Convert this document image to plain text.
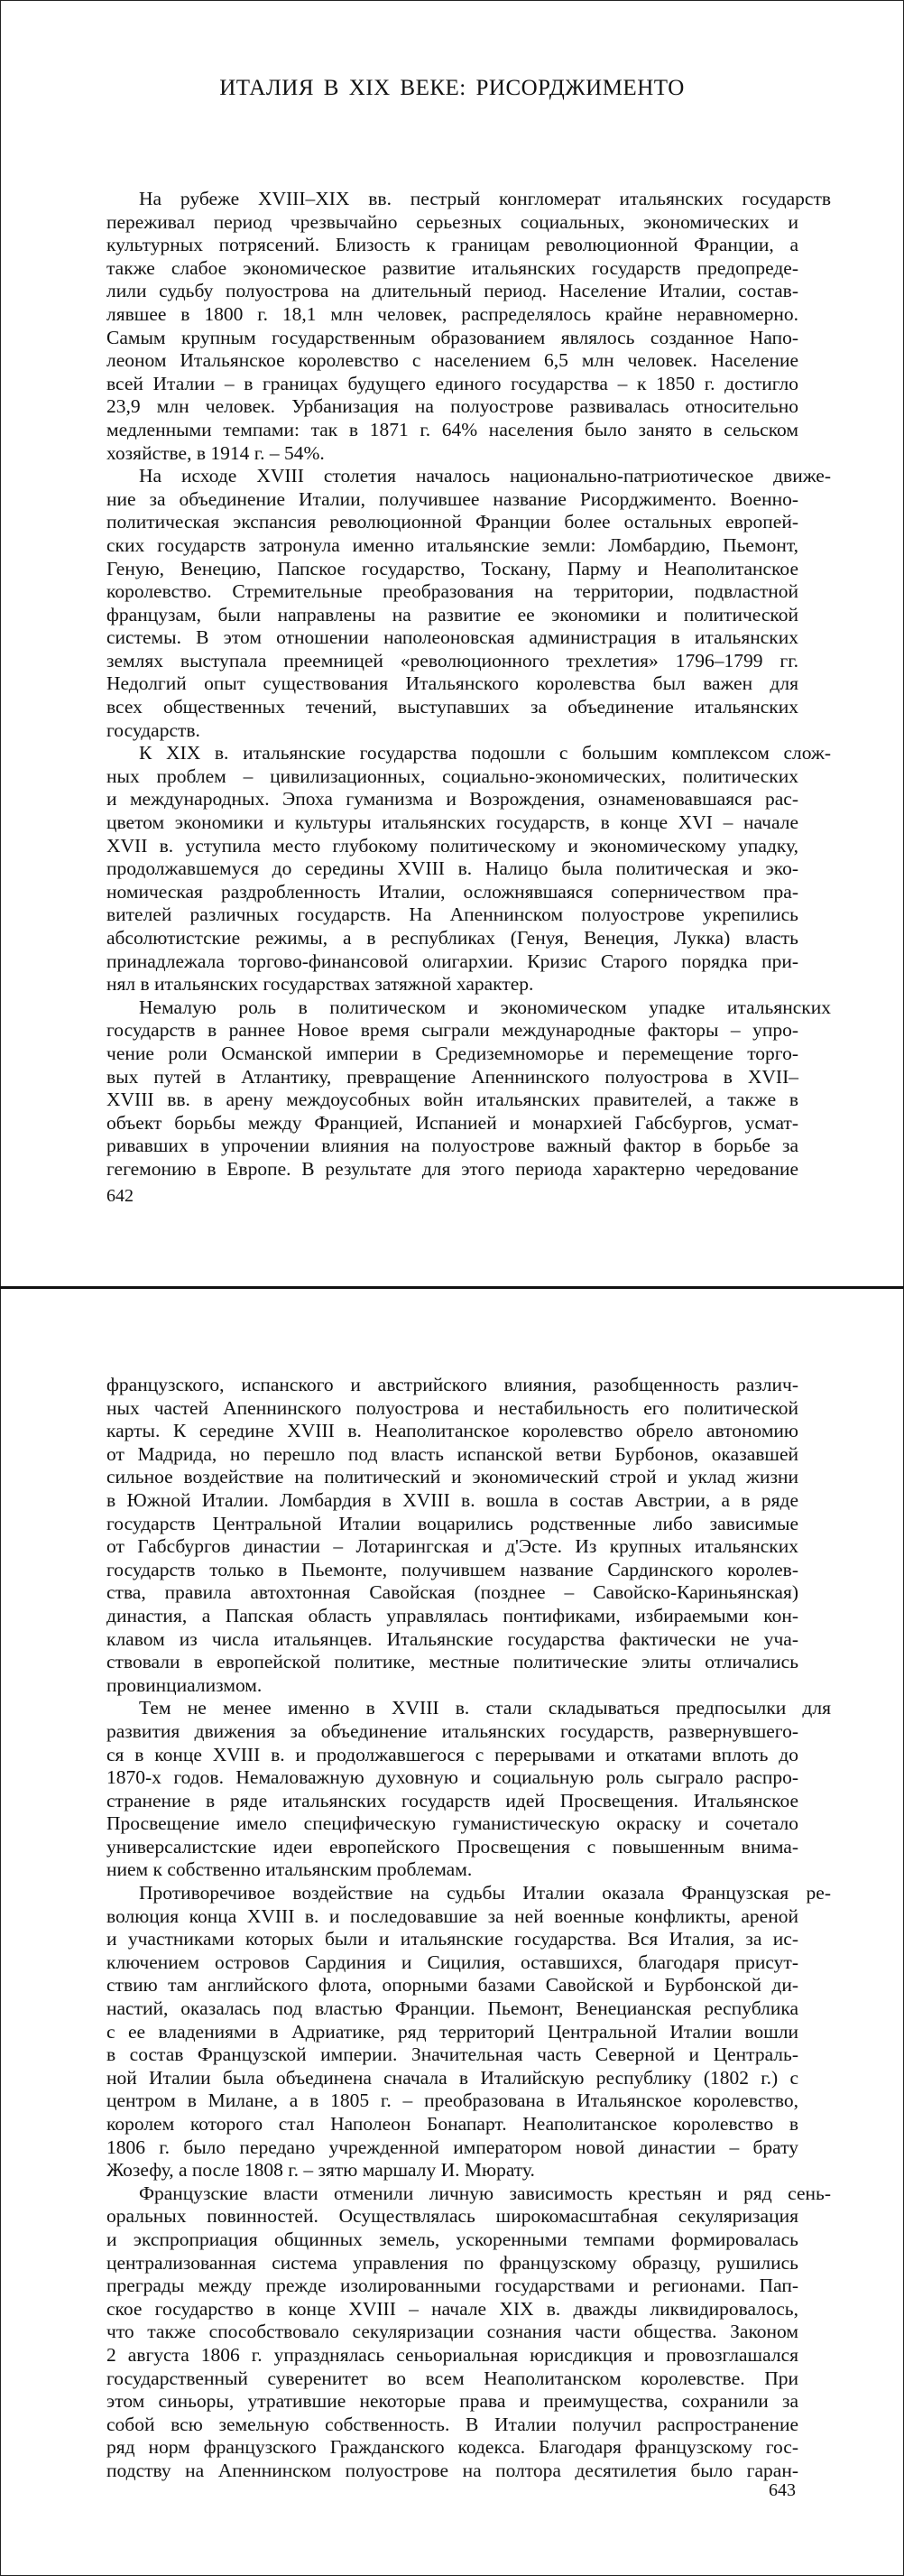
ИТАЛИЯ В XIX ВЕКЕ: РИСОРДЖИМЕНТО
На рубеже XVIII–XIX вв. пестрый конгломерат итальянских государств
переживал период чрезвычайно серьезных социальных, экономических и
культурных потрясений. Близость к границам революционной Франции, а
также слабое экономическое развитие итальянских государств предопреде-
лили судьбу полуострова на длительный период. Население Италии, состав-
лявшее в 1800 г. 18,1 млн человек, распределялось крайне неравномерно.
Самым крупным государственным образованием являлось созданное Напо-
леоном Итальянское королевство с населением 6,5 млн человек. Население
всей Италии – в границах будущего единого государства – к 1850 г. достигло
23,9 млн человек. Урбанизация на полуострове развивалась относительно
медленными темпами: так в 1871 г. 64% населения было занято в сельском
хозяйстве, в 1914 г. – 54%.
На исходе XVIII столетия началось национально-патриотическое движе-
ние за объединение Италии, получившее название Рисорджименто. Военно-
политическая экспансия революционной Франции более остальных европей-
ских государств затронула именно итальянские земли: Ломбардию, Пьемонт,
Геную, Венецию, Папское государство, Тоскану, Парму и Неаполитанское
королевство. Стремительные преобразования на территории, подвластной
французам, были направлены на развитие ее экономики и политической
системы. В этом отношении наполеоновская администрация в итальянских
землях выступала преемницей «революционного трехлетия» 1796–1799 гг.
Недолгий опыт существования Итальянского королевства был важен для
всех общественных течений, выступавших за объединение итальянских
государств.
К XIX в. итальянские государства подошли с большим комплексом слож-
ных проблем – цивилизационных, социально-экономических, политических
и международных. Эпоха гуманизма и Возрождения, ознаменовавшаяся рас-
цветом экономики и культуры итальянских государств, в конце XVI – начале
XVII в. уступила место глубокому политическому и экономическому упадку,
продолжавшемуся до середины XVIII в. Налицо была политическая и эко-
номическая раздробленность Италии, осложнявшаяся соперничеством пра-
вителей различных государств. На Апеннинском полуострове укрепились
абсолютистские режимы, а в республиках (Генуя, Венеция, Лукка) власть
принадлежала торгово-финансовой олигархии. Кризис Старого порядка при-
нял в итальянских государствах затяжной характер.
Немалую роль в политическом и экономическом упадке итальянских
государств в раннее Новое время сыграли международные факторы – упро-
чение роли Османской империи в Средиземноморье и перемещение торго-
вых путей в Атлантику, превращение Апеннинского полуострова в XVII–
XVIII вв. в арену междоусобных войн итальянских правителей, а также в
объект борьбы между Францией, Испанией и монархией Габсбургов, усмат-
ривавших в упрочении влияния на полуострове важный фактор в борьбе за
гегемонию в Европе. В результате для этого периода характерно чередование
642
французского, испанского и австрийского влияния, разобщенность различ-
ных частей Апеннинского полуострова и нестабильность его политической
карты. К середине XVIII в. Неаполитанское королевство обрело автономию
от Мадрида, но перешло под власть испанской ветви Бурбонов, оказавшей
сильное воздействие на политический и экономический строй и уклад жизни
в Южной Италии. Ломбардия в XVIII в. вошла в состав Австрии, а в ряде
государств Центральной Италии воцарились родственные либо зависимые
от Габсбургов династии – Лотарингская и д'Эсте. Из крупных итальянских
государств только в Пьемонте, получившем название Сардинского королев-
ства, правила автохтонная Савойская (позднее – Савойско-Кариньянская)
династия, а Папская область управлялась понтификами, избираемыми кон-
клавом из числа итальянцев. Итальянские государства фактически не уча-
ствовали в европейской политике, местные политические элиты отличались
провинциализмом.
Тем не менее именно в XVIII в. стали складываться предпосылки для
развития движения за объединение итальянских государств, развернувшего-
ся в конце XVIII в. и продолжавшегося с перерывами и откатами вплоть до
1870-х годов. Немаловажную духовную и социальную роль сыграло распро-
странение в ряде итальянских государств идей Просвещения. Итальянское
Просвещение имело специфическую гуманистическую окраску и сочетало
универсалистские идеи европейского Просвещения с повышенным внима-
нием к собственно итальянским проблемам.
Противоречивое воздействие на судьбы Италии оказала Французская ре-
волюция конца XVIII в. и последовавшие за ней военные конфликты, ареной
и участниками которых были и итальянские государства. Вся Италия, за ис-
ключением островов Сардиния и Сицилия, оставшихся, благодаря присут-
ствию там английского флота, опорными базами Савойской и Бурбонской ди-
настий, оказалась под властью Франции. Пьемонт, Венецианская республика
с ее владениями в Адриатике, ряд территорий Центральной Италии вошли
в состав Французской империи. Значительная часть Северной и Централь-
ной Италии была объединена сначала в Италийскую республику (1802 г.) с
центром в Милане, а в 1805 г. – преобразована в Итальянское королевство,
королем которого стал Наполеон Бонапарт. Неаполитанское королевство в
1806 г. было передано учрежденной императором новой династии – брату
Жозефу, а после 1808 г. – зятю маршалу И. Мюрату.
Французские власти отменили личную зависимость крестьян и ряд сень-
оральных повинностей. Осуществлялась широкомасштабная секуляризация
и экспроприация общинных земель, ускоренными темпами формировалась
централизованная система управления по французскому образцу, рушились
преграды между прежде изолированными государствами и регионами. Пап-
ское государство в конце XVIII – начале XIX в. дважды ликвидировалось,
что также способствовало секуляризации сознания части общества. Законом
2 августа 1806 г. упразднялась сеньориальная юрисдикция и провозглашался
государственный суверенитет во всем Неаполитанском королевстве. При
этом синьоры, утратившие некоторые права и преимущества, сохранили за
собой всю земельную собственность. В Италии получил распространение
ряд норм французского Гражданского кодекса. Благодаря французскому гос-
подству на Апеннинском полуострове на полтора десятилетия было гаран-
643
